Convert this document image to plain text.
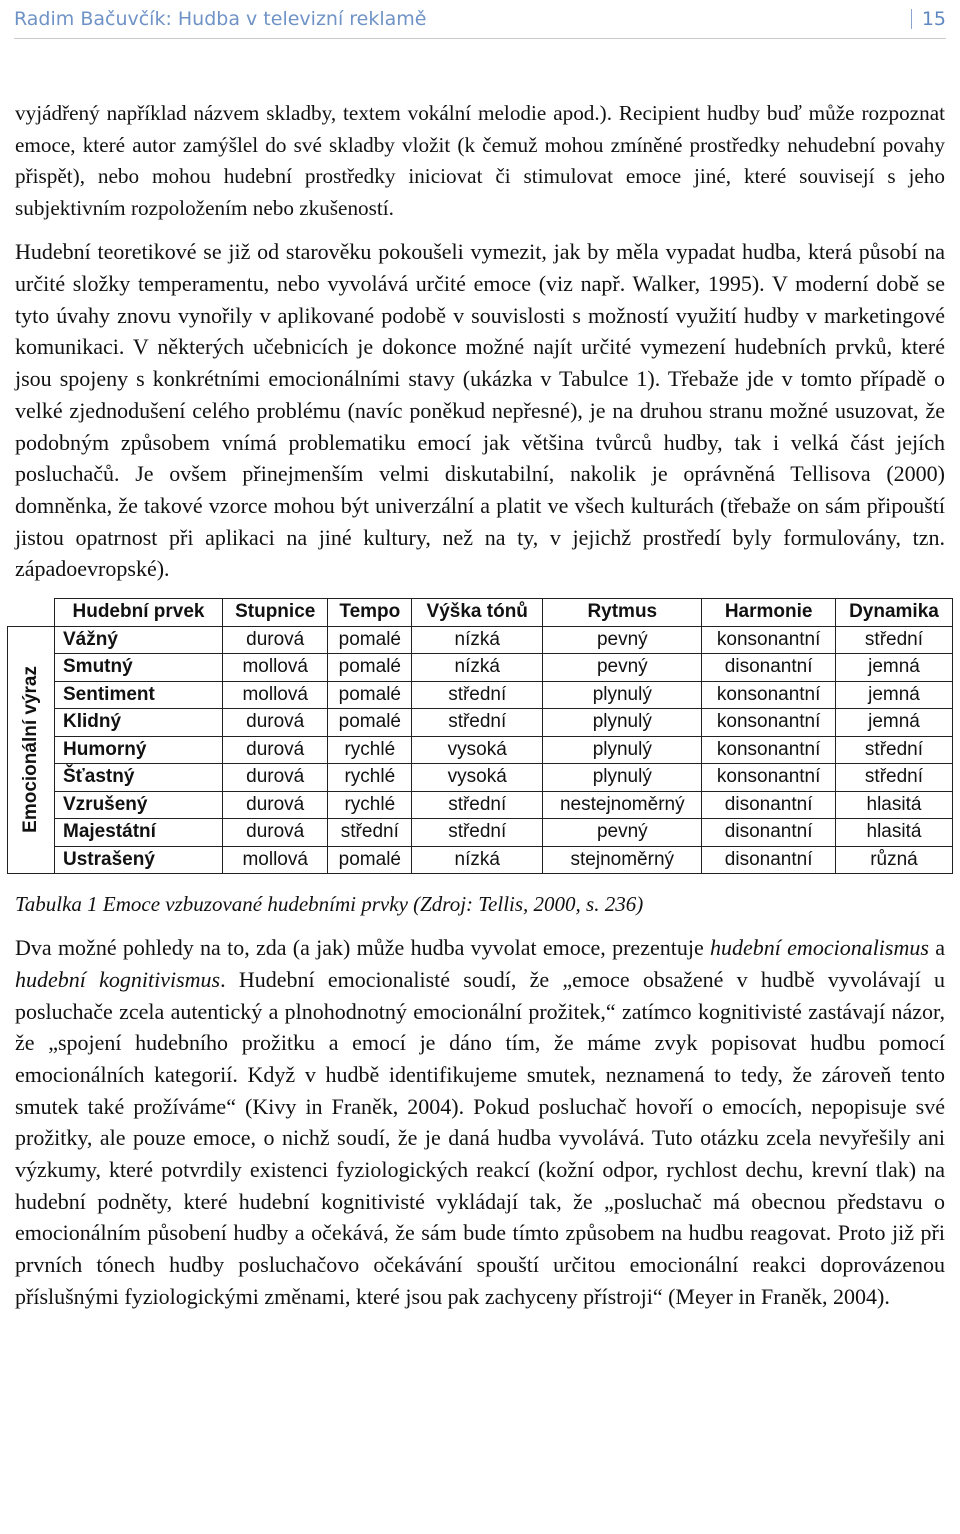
Radim Bačuvčík: Hudba v televizní reklamě	15

vyjádřený například názvem skladby, textem vokální melodie apod.). Recipient hudby buď může rozpoznat emoce, které autor zamýšlel do své skladby vložit (k čemuž mohou zmíněné prostředky nehudební povahy přispět), nebo mohou hudební prostředky iniciovat či stimulovat emoce jiné, které souvisejí s jeho subjektivním rozpoložením nebo zkušeností.

Hudební teoretikové se již od starověku pokoušeli vymezit, jak by měla vypadat hudba, která působí na určité složky temperamentu, nebo vyvolává určité emoce (viz např. Walker, 1995). V moderní době se tyto úvahy znovu vynořily v aplikované podobě v souvislosti s možností využití hudby v marketingové komunikaci. V některých učebnicích je dokonce možné najít určité vymezení hudebních prvků, které jsou spojeny s konkrétními emocionálními stavy (ukázka v Tabulce 1). Třebaže jde v tomto případě o velké zjednodušení celého problému (navíc poněkud nepřesné), je na druhou stranu možné usuzovat, že podobným způsobem vnímá problematiku emocí jak většina tvůrců hudby, tak i velká část jejích posluchačů. Je ovšem přinejmenším velmi diskutabilní, nakolik je oprávněná Tellisova (2000) domněnka, že takové vzorce mohou být univerzální a platit ve všech kulturách (třebaže on sám připouští jistou opatrnost při aplikaci na jiné kultury, než na ty, v jejichž prostředí byly formulovány, tzn. západoevropské).

	Hudební prvek	Stupnice	Tempo	Výška tónů	Rytmus	Harmonie	Dynamika

Emocionální výraz	Vážný	durová	pomalé	nízká	pevný	konsonantní	střední
	Smutný	mollová	pomalé	nízká	pevný	disonantní	jemná
	Sentiment	mollová	pomalé	střední	plynulý	konsonantní	jemná
	Klidný	durová	pomalé	střední	plynulý	konsonantní	jemná
	Humorný	durová	rychlé	vysoká	plynulý	konsonantní	střední
	Šťastný	durová	rychlé	vysoká	plynulý	konsonantní	střední
	Vzrušený	durová	rychlé	střední	nestejnoměrný	disonantní	hlasitá
	Majestátní	durová	střední	střední	pevný	disonantní	hlasitá
	Ustrašený	mollová	pomalé	nízká	stejnoměrný	disonantní	různá
Tabulka 1 Emoce vzbuzované hudebními prvky (Zdroj: Tellis, 2000, s. 236)

Dva možné pohledy na to, zda (a jak) může hudba vyvolat emoce, prezentuje hudební emocionalismus a hudební kognitivismus. Hudební emocionalisté soudí, že „emoce obsažené v hudbě vyvolávají u posluchače zcela autentický a plnohodnotný emocionální prožitek,“ zatímco kognitivisté zastávají názor, že „spojení hudebního prožitku a emocí je dáno tím, že máme zvyk popisovat hudbu pomocí emocionálních kategorií. Když v hudbě identifikujeme smutek, neznamená to tedy, že zároveň tento smutek také prožíváme“ (Kivy in Franěk, 2004). Pokud posluchač hovoří o emocích, nepopisuje své prožitky, ale pouze emoce, o nichž soudí, že je daná hudba vyvolává. Tuto otázku zcela nevyřešily ani výzkumy, které potvrdily existenci fyziologických reakcí (kožní odpor, rychlost dechu, krevní tlak) na hudební podněty, které hudební kognitivisté vykládají tak, že „posluchač má obecnou představu o emocionálním působení hudby a očekává, že sám bude tímto způsobem na hudbu reagovat. Proto již při prvních tónech hudby posluchačovo očekávání spouští určitou emocionální reakci doprovázenou příslušnými fyziologickými změnami, které jsou pak zachyceny přístroji“ (Meyer in Franěk, 2004).
